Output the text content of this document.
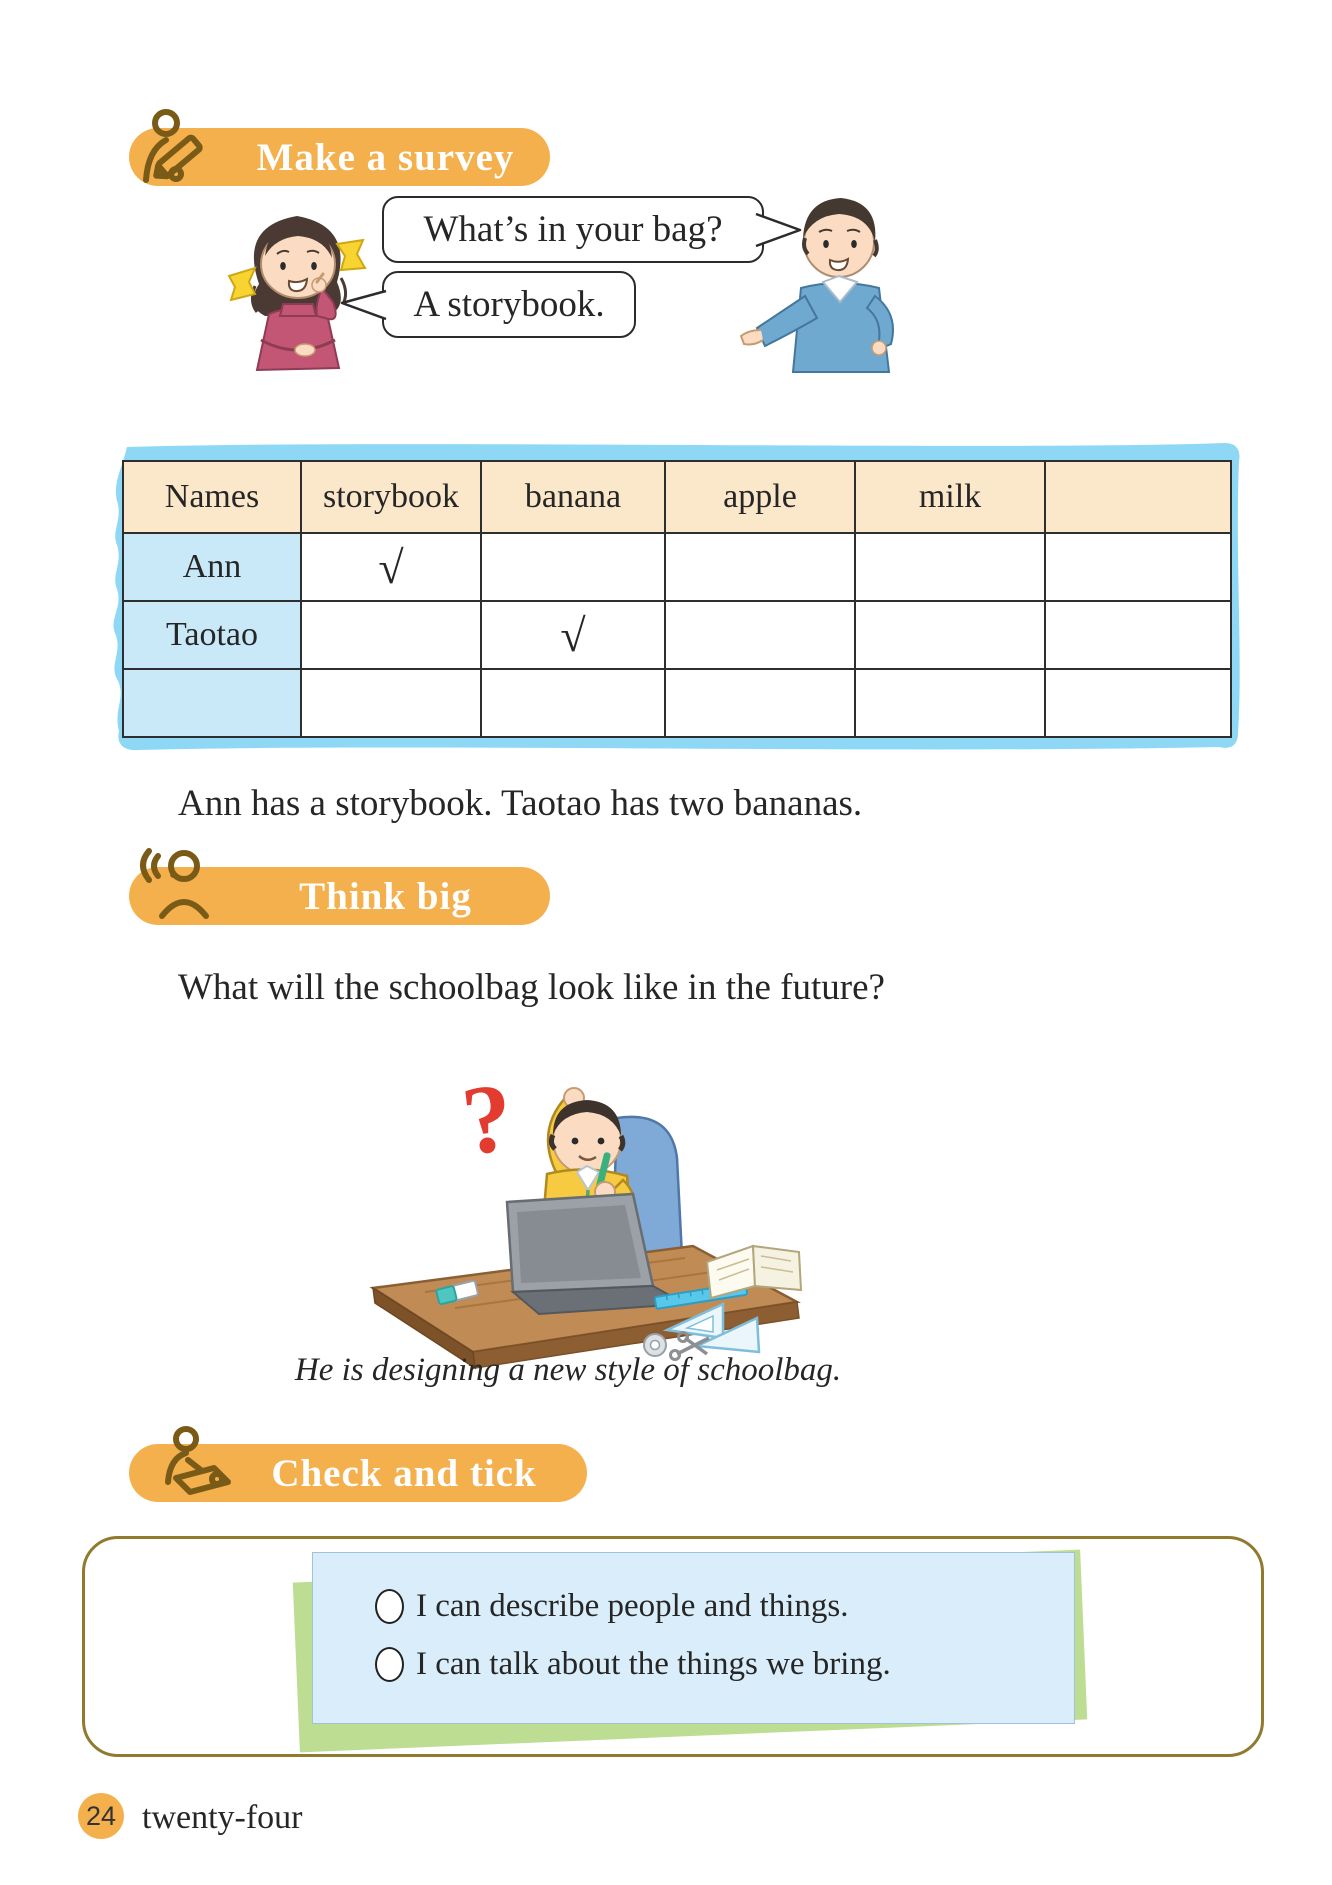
Make a survey
What’s in your bag?
A storybook.
Names	storybook	banana	apple	milk	
Ann	√				
Taotao		√			

Ann has a storybook. Taotao has two bananas.
Think big
What will the schoolbag look like in the future?
?
He is designing a new style of schoolbag.
Check and tick
I can describe people and things.
I can talk about the things we bring.
24 twenty-four
